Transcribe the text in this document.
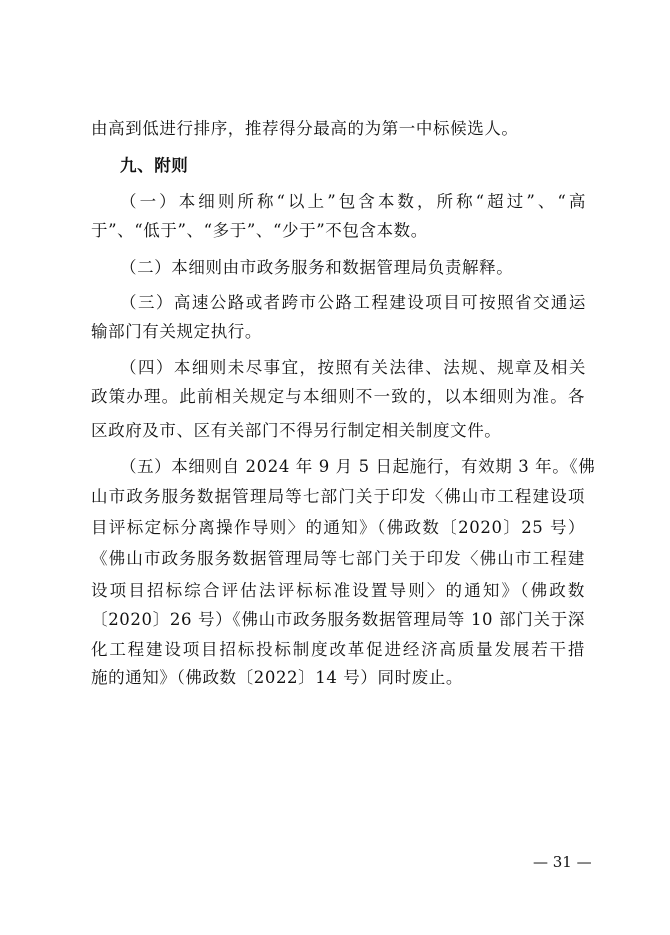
由高到低进行排序，推荐得分最高的为第一中标候选人。
九、附则
（一）本细则所称“以上”包含本数，所称“超过”、“高
于”、“低于”、“多于”、“少于”不包含本数。
（二）本细则由市政务服务和数据管理局负责解释。
（三）高速公路或者跨市公路工程建设项目可按照省交通运
输部门有关规定执行。
（四）本细则未尽事宜，按照有关法律、法规、规章及相关
政策办理。此前相关规定与本细则不一致的，以本细则为准。各
区政府及市、区有关部门不得另行制定相关制度文件。
（五）本细则自 2024 年 9 月 5 日起施行，有效期 3 年。《佛
山市政务服务数据管理局等七部门关于印发〈佛山市工程建设项
目评标定标分离操作导则〉的通知》（佛政数〔2020〕25 号）
《佛山市政务服务数据管理局等七部门关于印发〈佛山市工程建
设项目招标综合评估法评标标准设置导则〉的通知》（佛政数
〔2020〕26 号）《佛山市政务服务数据管理局等 10 部门关于深
化工程建设项目招标投标制度改革促进经济高质量发展若干措
施的通知》（佛政数〔2022〕14 号）同时废止。
— 31 —
